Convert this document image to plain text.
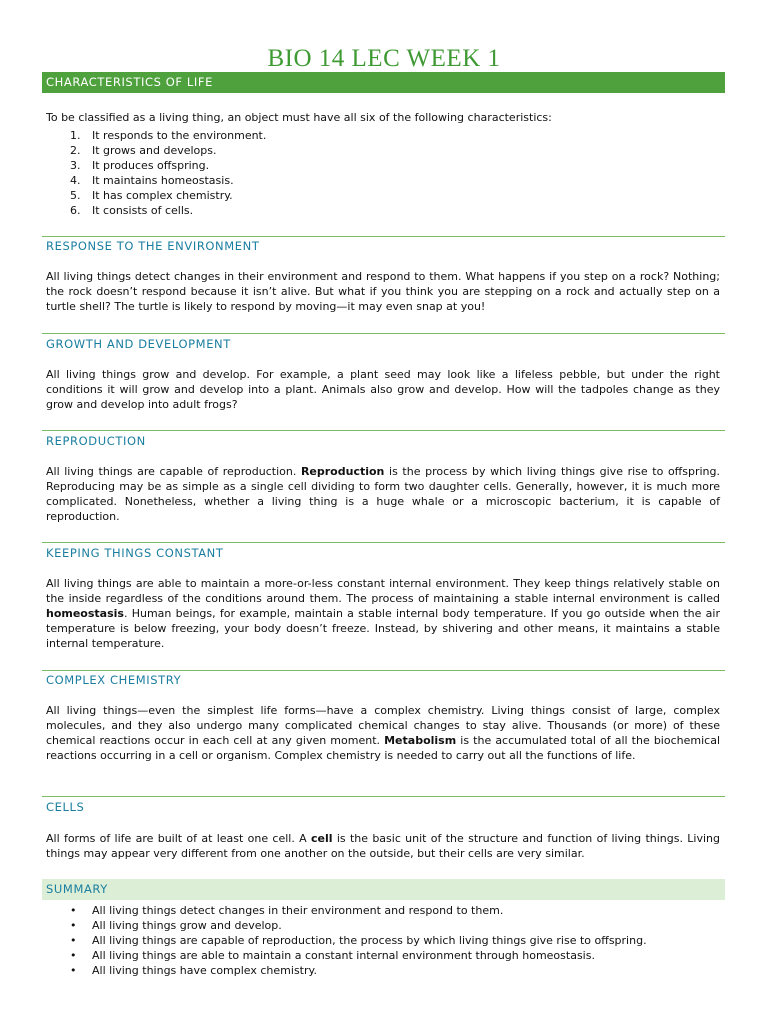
BIO 14 LEC WEEK 1
CHARACTERISTICS OF LIFE
To be classified as a living thing, an object must have all six of the following characteristics:
1.	It responds to the environment.
2.	It grows and develops.
3.	It produces offspring.
4.	It maintains homeostasis.
5.	It has complex chemistry.
6.	It consists of cells.
RESPONSE TO THE ENVIRONMENT

All living things detect changes in their environment and respond to them. What happens if you step on a rock? Nothing; the rock doesn’t respond because it isn’t alive. But what if you think you are stepping on a rock and actually step on a turtle shell? The turtle is likely to respond by moving—it may even snap at you!

GROWTH AND DEVELOPMENT

All living things grow and develop. For example, a plant seed may look like a lifeless pebble, but under the right conditions it will grow and develop into a plant. Animals also grow and develop. How will the tadpoles change as they grow and develop into adult frogs?

REPRODUCTION

All living things are capable of reproduction. Reproduction is the process by which living things give rise to offspring. Reproducing may be as simple as a single cell dividing to form two daughter cells. Generally, however, it is much more complicated. Nonetheless, whether a living thing is a huge whale or a microscopic bacterium, it is capable of reproduction.

KEEPING THINGS CONSTANT

All living things are able to maintain a more-or-less constant internal environment. They keep things relatively stable on the inside regardless of the conditions around them. The process of maintaining a stable internal environment is called homeostasis. Human beings, for example, maintain a stable internal body temperature. If you go outside when the air temperature is below freezing, your body doesn’t freeze. Instead, by shivering and other means, it maintains a stable internal temperature.

COMPLEX CHEMISTRY

All living things—even the simplest life forms—have a complex chemistry. Living things consist of large, complex molecules, and they also undergo many complicated chemical changes to stay alive. Thousands (or more) of these chemical reactions occur in each cell at any given moment. Metabolism is the accumulated total of all the biochemical reactions occurring in a cell or organism. Complex chemistry is needed to carry out all the functions of life.

CELLS

All forms of life are built of at least one cell. A cell is the basic unit of the structure and function of living things. Living things may appear very different from one another on the outside, but their cells are very similar.

SUMMARY
• All living things detect changes in their environment and respond to them.
• All living things grow and develop.
• All living things are capable of reproduction, the process by which living things give rise to offspring.
• All living things are able to maintain a constant internal environment through homeostasis.
• All living things have complex chemistry.
